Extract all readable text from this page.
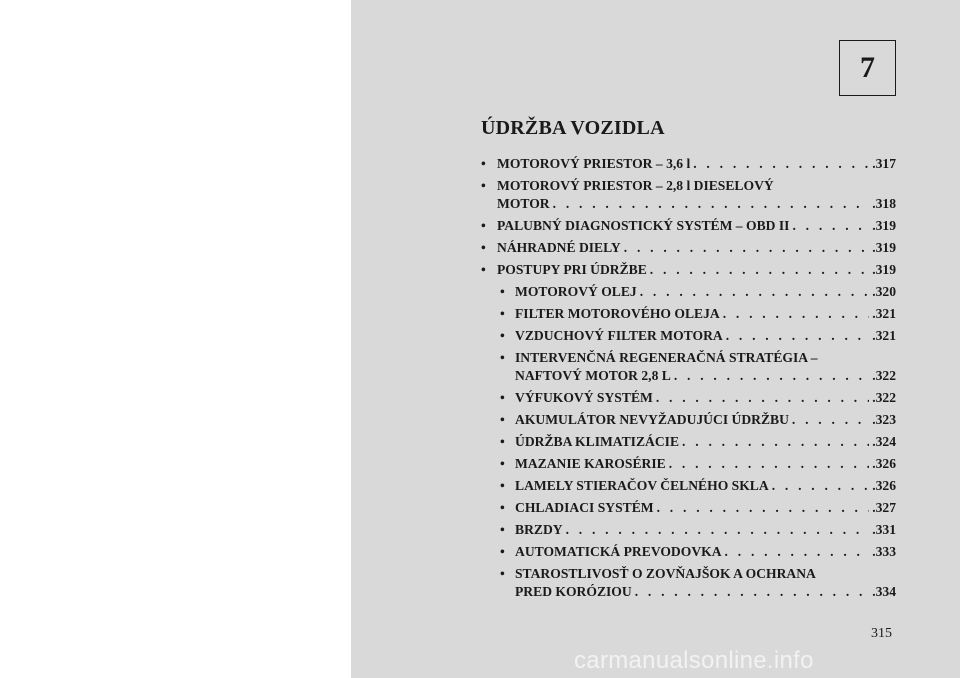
7
ÚDRŽBA VOZIDLA
• MOTOROVÝ PRIESTOR – 3,6 l . . .	.317
• MOTOROVÝ PRIESTOR – 2,8 l DIESELOVÝ
MOTOR . . .	.318
• PALUBNÝ DIAGNOSTICKÝ SYSTÉM – OBD II . . .	.319
• NÁHRADNÉ DIELY . . .	.319
• POSTUPY PRI ÚDRŽBE . . .	.319
• MOTOROVÝ OLEJ . . .	.320
• FILTER MOTOROVÉHO OLEJA . . .	.321
• VZDUCHOVÝ FILTER MOTORA . . .	.321
• INTERVENČNÁ REGENERAČNÁ STRATÉGIA –
NAFTOVÝ MOTOR 2,8 L . . .	.322
• VÝFUKOVÝ SYSTÉM . . .	.322
• AKUMULÁTOR NEVYŽADUJÚCI ÚDRŽBU . . .	.323
• ÚDRŽBA KLIMATIZÁCIE . . .	.324
• MAZANIE KAROSÉRIE . . .	.326
• LAMELY STIERAČOV ČELNÉHO SKLA . . .	.326
• CHLADIACI SYSTÉM . . .	.327
• BRZDY . . .	.331
• AUTOMATICKÁ PREVODOVKA . . .	.333
• STAROSTLIVOSŤ O ZOVŇAJŠOK A OCHRANA
PRED KORÓZIOU . . .	.334
315
carmanualsonline.info
